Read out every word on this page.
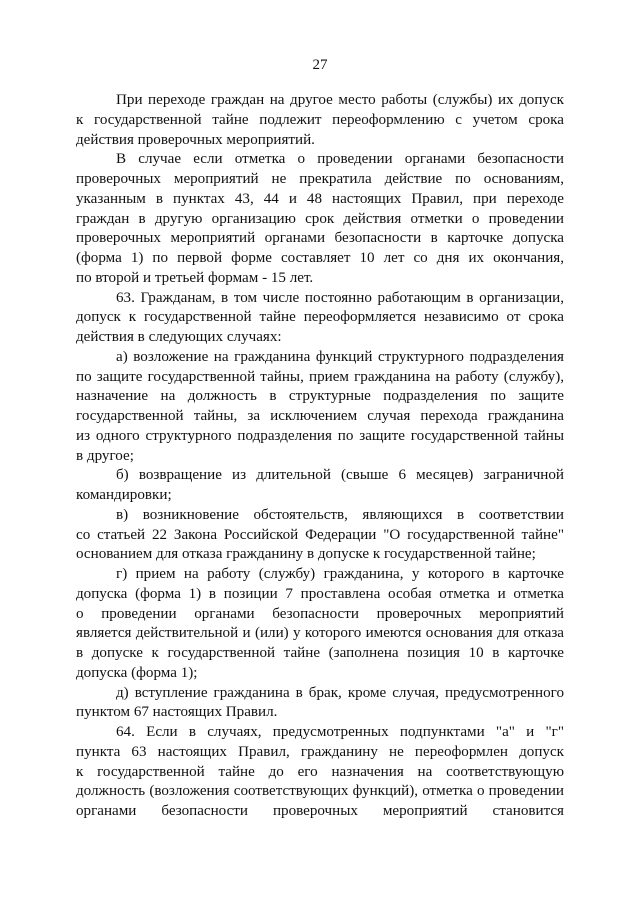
27
При переходе граждан на другое место работы (службы) их допуск
к государственной тайне подлежит переоформлению с учетом срока
действия проверочных мероприятий.
В случае если отметка о проведении органами безопасности
проверочных мероприятий не прекратила действие по основаниям,
указанным в пунктах 43, 44 и 48 настоящих Правил, при переходе
граждан в другую организацию срок действия отметки о проведении
проверочных мероприятий органами безопасности в карточке допуска
(форма 1) по первой форме составляет 10 лет со дня их окончания,
по второй и третьей формам - 15 лет.
63. Гражданам, в том числе постоянно работающим в организации,
допуск к государственной тайне переоформляется независимо от срока
действия в следующих случаях:
а) возложение на гражданина функций структурного подразделения
по защите государственной тайны, прием гражданина на работу (службу),
назначение на должность в структурные подразделения по защите
государственной тайны, за исключением случая перехода гражданина
из одного структурного подразделения по защите государственной тайны
в другое;
б) возвращение из длительной (свыше 6 месяцев) заграничной
командировки;
в) возникновение обстоятельств, являющихся в соответствии
со статьей 22 Закона Российской Федерации "О государственной тайне"
основанием для отказа гражданину в допуске к государственной тайне;
г) прием на работу (службу) гражданина, у которого в карточке
допуска (форма 1) в позиции 7 проставлена особая отметка и отметка
о проведении органами безопасности проверочных мероприятий
является действительной и (или) у которого имеются основания для отказа
в допуске к государственной тайне (заполнена позиция 10 в карточке
допуска (форма 1);
д) вступление гражданина в брак, кроме случая, предусмотренного
пунктом 67 настоящих Правил.
64. Если в случаях, предусмотренных подпунктами "а" и "г"
пункта 63 настоящих Правил, гражданину не переоформлен допуск
к государственной тайне до его назначения на соответствующую
должность (возложения соответствующих функций), отметка о проведении
органами безопасности проверочных мероприятий становится
